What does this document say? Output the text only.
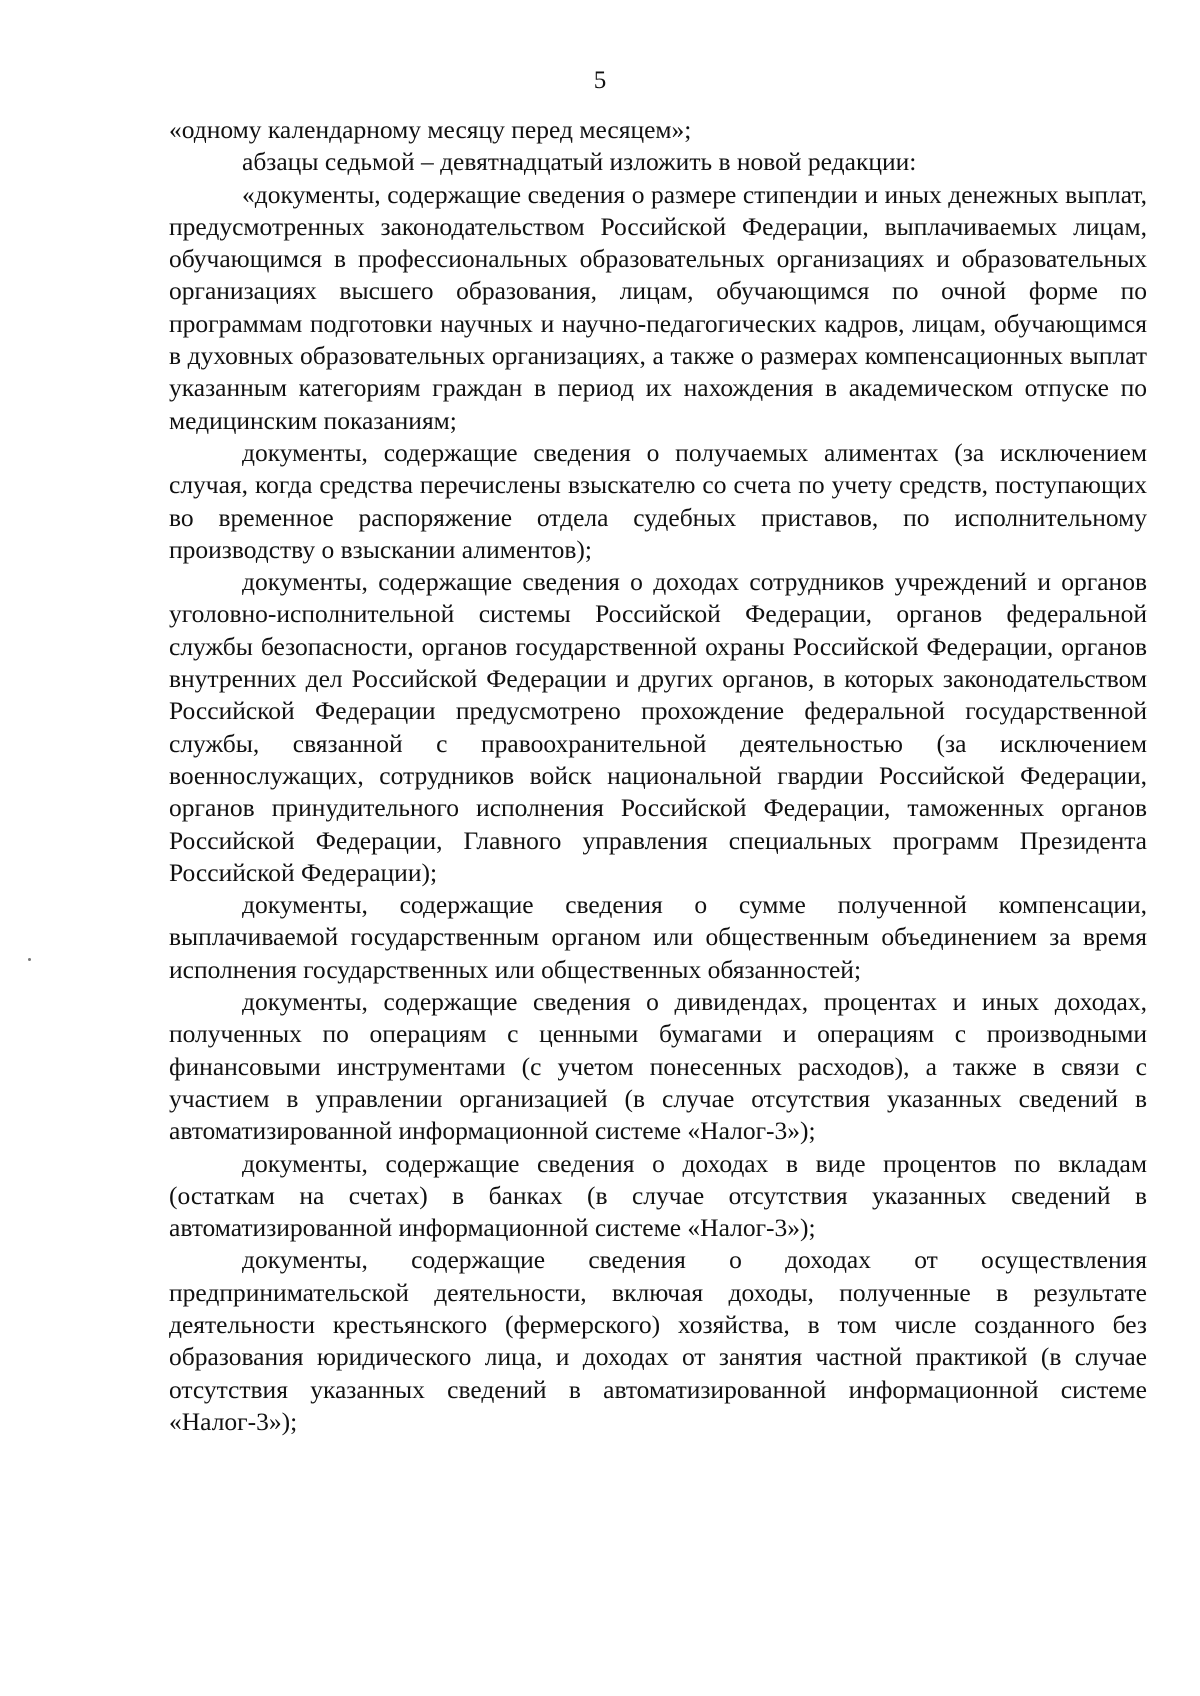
5

«одному календарному месяцу перед месяцем»;

абзацы седьмой – девятнадцатый изложить в новой редакции:

«документы, содержащие сведения о размере стипендии и иных денежных выплат, предусмотренных законодательством Российской Федерации, выплачиваемых лицам, обучающимся в профессиональных образовательных организациях и образовательных организациях высшего образования, лицам, обучающимся по очной форме по программам подготовки научных и научно-педагогических кадров, лицам, обучающимся в духовных образовательных организациях, а также о размерах компенсационных выплат указанным категориям граждан в период их нахождения в академическом отпуске по медицинским показаниям;

документы, содержащие сведения о получаемых алиментах (за исключением случая, когда средства перечислены взыскателю со счета по учету средств, поступающих во временное распоряжение отдела судебных приставов, по исполнительному производству о взыскании алиментов);

документы, содержащие сведения о доходах сотрудников учреждений и органов уголовно-исполнительной системы Российской Федерации, органов федеральной службы безопасности, органов государственной охраны Российской Федерации, органов внутренних дел Российской Федерации и других органов, в которых законодательством Российской Федерации предусмотрено прохождение федеральной государственной службы, связанной с правоохранительной деятельностью (за исключением военнослужащих, сотрудников войск национальной гвардии Российской Федерации, органов принудительного исполнения Российской Федерации, таможенных органов Российской Федерации, Главного управления специальных программ Президента Российской Федерации);

документы, содержащие сведения о сумме полученной компенсации, выплачиваемой государственным органом или общественным объединением за время исполнения государственных или общественных обязанностей;

документы, содержащие сведения о дивидендах, процентах и иных доходах, полученных по операциям с ценными бумагами и операциям с производными финансовыми инструментами (с учетом понесенных расходов), а также в связи с участием в управлении организацией (в случае отсутствия указанных сведений в автоматизированной информационной системе «Налог-3»);

документы, содержащие сведения о доходах в виде процентов по вкладам (остаткам на счетах) в банках (в случае отсутствия указанных сведений в автоматизированной информационной системе «Налог-3»);

документы, содержащие сведения о доходах от осуществления предпринимательской деятельности, включая доходы, полученные в результате деятельности крестьянского (фермерского) хозяйства, в том числе созданного без образования юридического лица, и доходах от занятия частной практикой (в случае отсутствия указанных сведений в автоматизированной информационной системе «Налог-3»);
